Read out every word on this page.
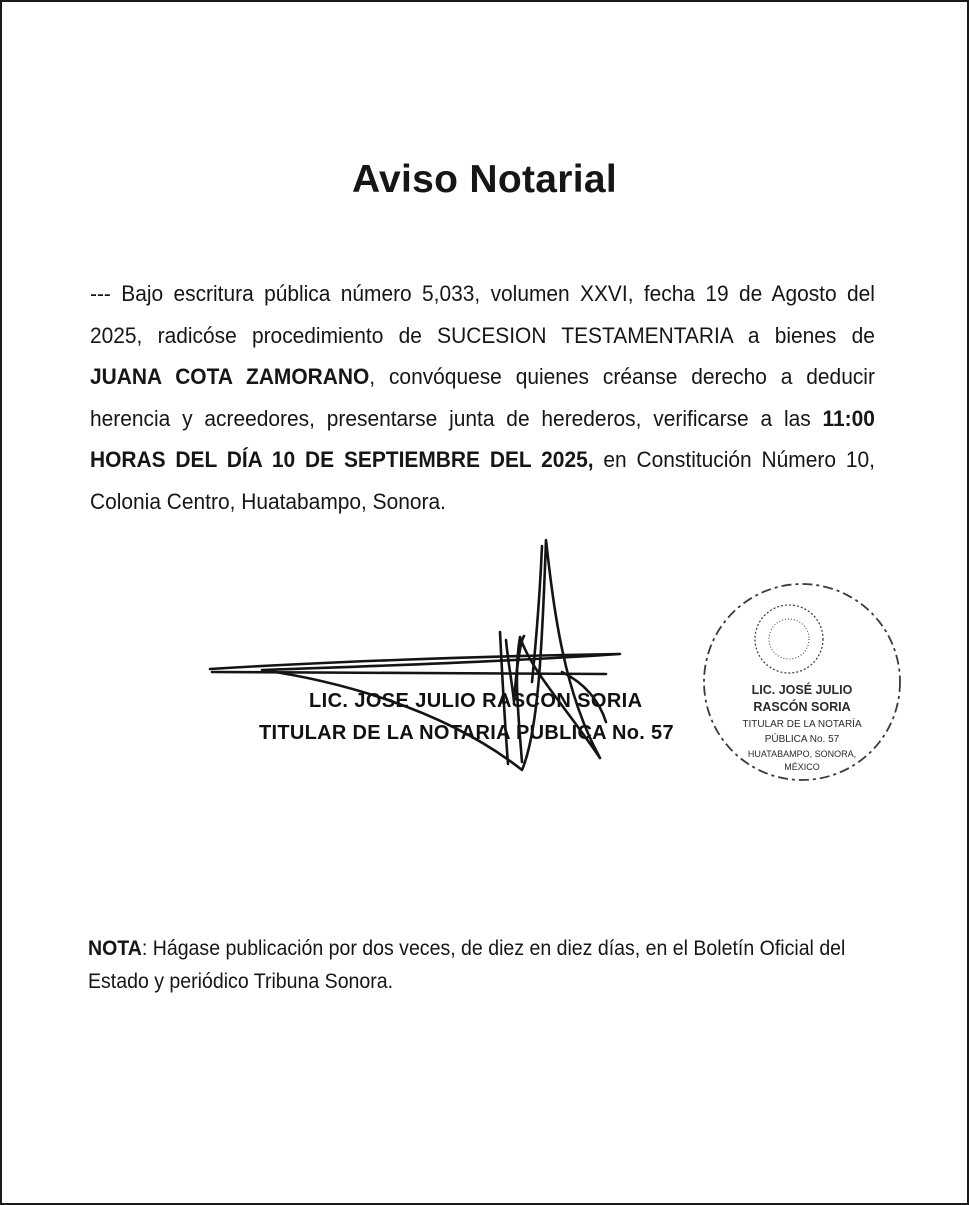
Aviso Notarial

--- Bajo escritura pública número 5,033, volumen XXVI, fecha 19 de Agosto del 2025, radicóse procedimiento de SUCESION TESTAMENTARIA a bienes de JUANA COTA ZAMORANO, convóquese quienes créanse derecho a deducir herencia y acreedores, presentarse junta de herederos, verificarse a las 11:00 HORAS DEL DÍA 10 DE SEPTIEMBRE DEL 2025, en Constitución Número 10, Colonia Centro, Huatabampo, Sonora.

LIC. JOSE JULIO RASCON SORIA
TITULAR DE LA NOTARIA PUBLICA No. 57
LIC. JOSÉ JULIO
RASCÓN SORIA
TITULAR DE LA NOTARÍA
PÚBLICA No. 57
HUATABAMPO, SONORA,
MÉXICO

NOTA: Hágase publicación por dos veces, de diez en diez días, en el Boletín Oficial del Estado y periódico Tribuna Sonora.
